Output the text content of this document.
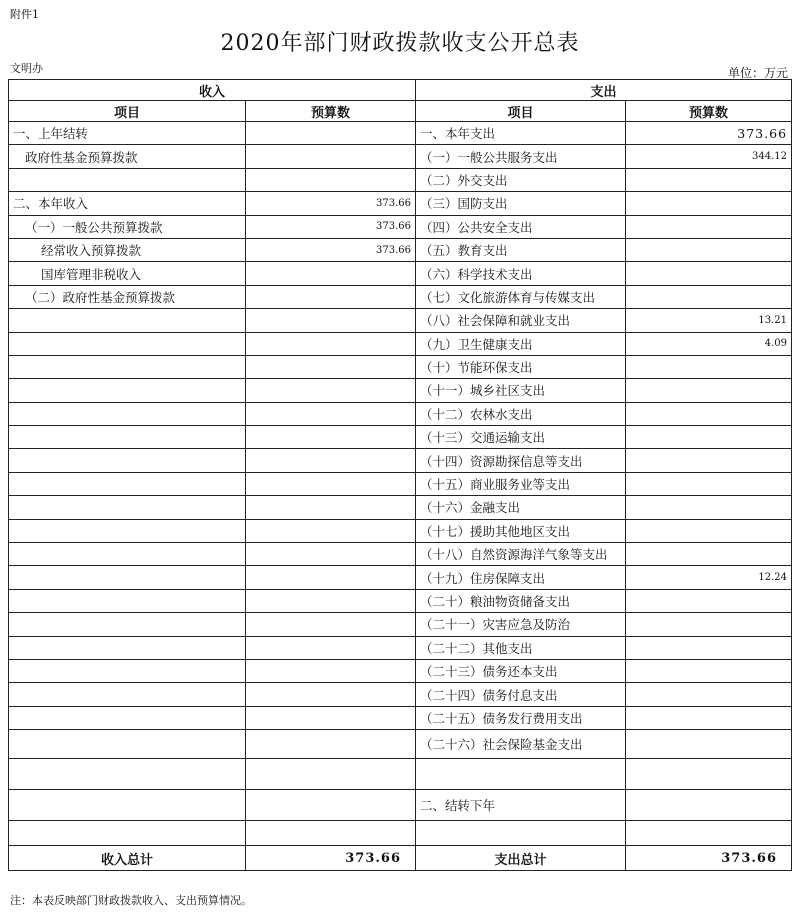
附件1
2020年部门财政拨款收支公开总表
文明办	单位：万元
收入		支出	
项目	预算数	项目	预算数
一、上年结转		一、本年支出	373.66
政府性基金预算拨款		（一）一般公共服务支出	344.12
		（二）外交支出	
二、本年收入	373.66	（三）国防支出	
（一）一般公共预算拨款	373.66	（四）公共安全支出	
经常收入预算拨款	373.66	（五）教育支出	
国库管理非税收入		（六）科学技术支出	
（二）政府性基金预算拨款		（七）文化旅游体育与传媒支出	
		（八）社会保障和就业支出	13.21
		（九）卫生健康支出	4.09
		（十）节能环保支出	
		（十一）城乡社区支出	
		（十二）农林水支出	
		（十三）交通运输支出	
		（十四）资源勘探信息等支出	
		（十五）商业服务业等支出	
		（十六）金融支出	
		（十七）援助其他地区支出	
		（十八）自然资源海洋气象等支出	
		（十九）住房保障支出	12.24
		（二十）粮油物资储备支出	
		（二十一）灾害应急及防治	
		（二十二）其他支出	
		（二十三）债务还本支出	
		（二十四）债务付息支出	
		（二十五）债务发行费用支出	
		（二十六）社会保险基金支出	

		二、结转下年	

收入总计	373.66	支出总计	373.66
注：本表反映部门财政拨款收入、支出预算情况。
